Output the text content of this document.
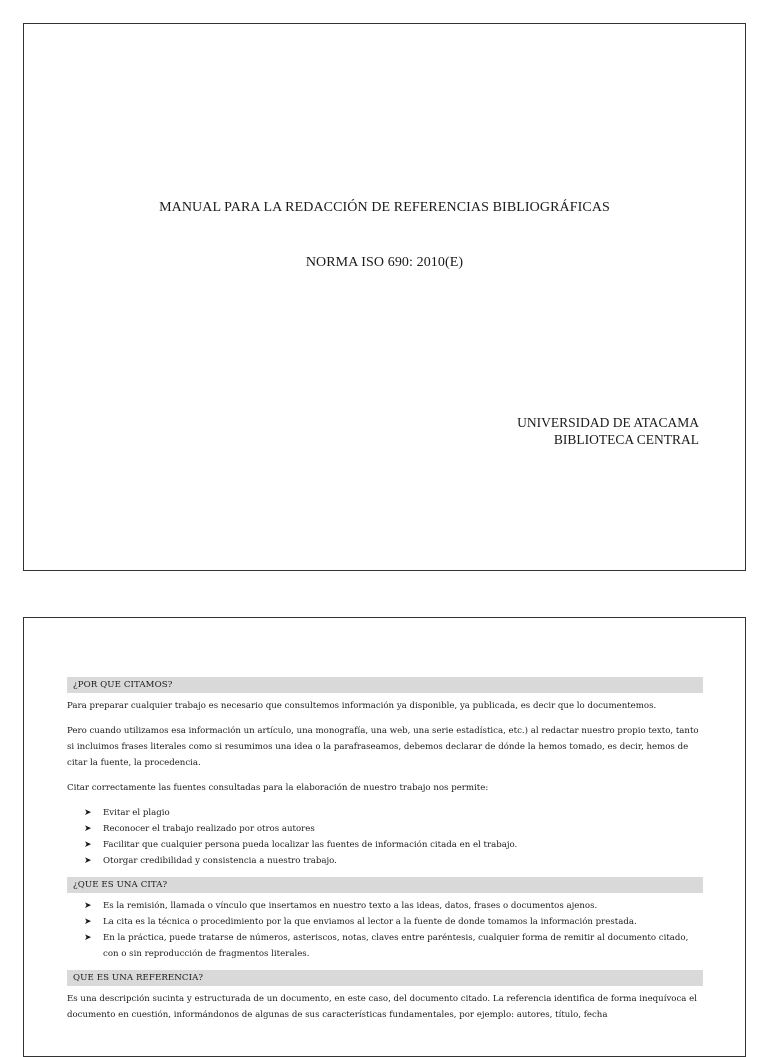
MANUAL PARA LA REDACCIÓN DE REFERENCIAS BIBLIOGRÁFICAS
NORMA ISO 690: 2010(E)
UNIVERSIDAD DE ATACAMA
BIBLIOTECA CENTRAL
¿POR QUE CITAMOS?

Para preparar cualquier trabajo es necesario que consultemos información ya disponible, ya publicada, es decir que lo documentemos.

Pero cuando utilizamos esa información un artículo, una monografía, una web, una serie estadística, etc.) al redactar nuestro propio texto, tanto si incluimos frases literales como si resumimos una idea o la parafraseamos, debemos declarar de dónde la hemos tomado, es decir, hemos de citar la fuente, la procedencia.

Citar correctamente las fuentes consultadas para la elaboración de nuestro trabajo nos permite:

➤ Evitar el plagio
➤ Reconocer el trabajo realizado por otros autores
➤ Facilitar que cualquier persona pueda localizar las fuentes de información citada en el trabajo.
➤ Otorgar credibilidad y consistencia a nuestro trabajo.
¿QUE ES UNA CITA?
➤ Es la remisión, llamada o vínculo que insertamos en nuestro texto a las ideas, datos, frases o documentos ajenos.
➤ La cita es la técnica o procedimiento por la que enviamos al lector a la fuente de donde tomamos la información prestada.
➤ En la práctica, puede tratarse de números, asteriscos, notas, claves entre paréntesis, cualquier forma de remitir al documento citado, con o sin reproducción de fragmentos literales.
QUE ES UNA REFERENCIA?

Es una descripción sucinta y estructurada de un documento, en este caso, del documento citado. La referencia identifica de forma inequívoca el documento en cuestión, informándonos de algunas de sus características fundamentales, por ejemplo: autores, título, fecha
